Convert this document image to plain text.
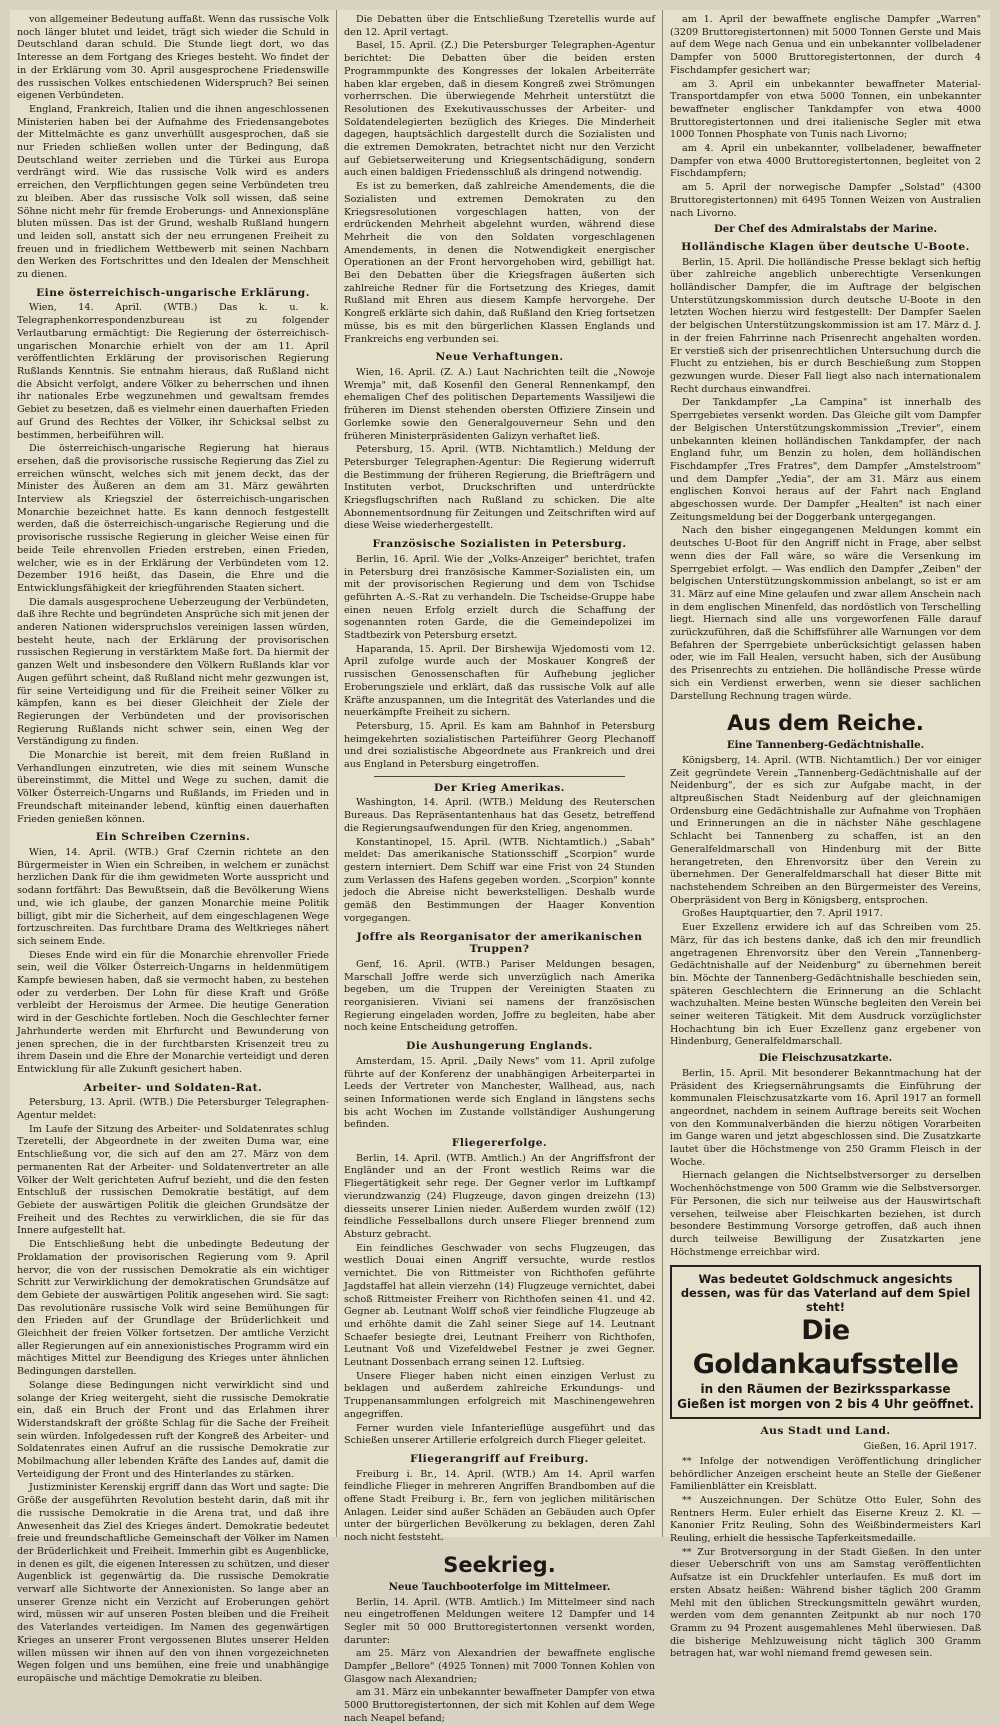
von allgemeiner Bedeutung auffaßt. Wenn das russische Volk noch länger blutet und leidet, trägt sich wieder die Schuld in Deutschland daran schuld. Die Stunde liegt dort, wo das Interesse an dem Fortgang des Krieges besteht. Wo findet der in der Erklärung vom 30. April ausgesprochene Friedenswille des russischen Volkes entschiedenen Widerspruch? Bei seinen eigenen Verbündeten.

England, Frankreich, Italien und die ihnen angeschlossenen Ministerien haben bei der Aufnahme des Friedensangebotes der Mittelmächte es ganz unverhüllt ausgesprochen, daß sie nur Frieden schließen wollen unter der Bedingung, daß Deutschland weiter zerrieben und die Türkei aus Europa verdrängt wird. Wie das russische Volk wird es anders erreichen, den Verpflichtungen gegen seine Verbündeten treu zu bleiben. Aber das russische Volk soll wissen, daß seine Söhne nicht mehr für fremde Eroberungs- und Annexionspläne bluten müssen. Das ist der Grund, weshalb Rußland hungern und leiden soll, anstatt sich der neu errungenen Freiheit zu freuen und in friedlichem Wettbewerb mit seinen Nachbarn den Werken des Fortschrittes und den Idealen der Menschheit zu dienen.

Eine österreichisch-ungarische Erklärung.

Wien, 14. April. (WTB.) Das k. u. k. Telegraphenkorrespondenzbureau ist zu folgender Verlautbarung ermächtigt: Die Regierung der österreichisch-ungarischen Monarchie erhielt von der am 11. April veröffentlichten Erklärung der provisorischen Regierung Rußlands Kenntnis. Sie entnahm hieraus, daß Rußland nicht die Absicht verfolgt, andere Völker zu beherrschen und ihnen ihr nationales Erbe wegzunehmen und gewaltsam fremdes Gebiet zu besetzen, daß es vielmehr einen dauerhaften Frieden auf Grund des Rechtes der Völker, ihr Schicksal selbst zu bestimmen, herbeiführen will.

Die österreichisch-ungarische Regierung hat hieraus ersehen, daß die provisorische russische Regierung das Ziel zu erreichen wünscht, welches sich mit jenem deckt, das der Minister des Äußeren an dem am 31. März gewährten Interview als Kriegsziel der österreichisch-ungarischen Monarchie bezeichnet hatte. Es kann dennoch festgestellt werden, daß die österreichisch-ungarische Regierung und die provisorische russische Regierung in gleicher Weise einen für beide Teile ehrenvollen Frieden erstreben, einen Frieden, welcher, wie es in der Erklärung der Verbündeten vom 12. Dezember 1916 heißt, das Dasein, die Ehre und die Entwicklungsfähigkeit der kriegführenden Staaten sichert.

Die damals ausgesprochene Ueberzeugung der Verbündeten, daß ihre Rechte und begründeten Ansprüche sich mit jenen der anderen Nationen widerspruchslos vereinigen lassen würden, besteht heute, nach der Erklärung der provisorischen russischen Regierung in verstärktem Maße fort. Da hiermit der ganzen Welt und insbesondere den Völkern Rußlands klar vor Augen geführt scheint, daß Rußland nicht mehr gezwungen ist, für seine Verteidigung und für die Freiheit seiner Völker zu kämpfen, kann es bei dieser Gleichheit der Ziele der Regierungen der Verbündeten und der provisorischen Regierung Rußlands nicht schwer sein, einen Weg der Verständigung zu finden.

Die Monarchie ist bereit, mit dem freien Rußland in Verhandlungen einzutreten, wie dies mit seinem Wunsche übereinstimmt, die Mittel und Wege zu suchen, damit die Völker Österreich-Ungarns und Rußlands, im Frieden und in Freundschaft miteinander lebend, künftig einen dauerhaften Frieden genießen können.

Ein Schreiben Czernins.

Wien, 14. April. (WTB.) Graf Czernin richtete an den Bürgermeister in Wien ein Schreiben, in welchem er zunächst herzlichen Dank für die ihm gewidmeten Worte ausspricht und sodann fortfährt: Das Bewußtsein, daß die Bevölkerung Wiens und, wie ich glaube, der ganzen Monarchie meine Politik billigt, gibt mir die Sicherheit, auf dem eingeschlagenen Wege fortzuschreiten. Das furchtbare Drama des Weltkrieges nähert sich seinem Ende.

Dieses Ende wird ein für die Monarchie ehrenvoller Friede sein, weil die Völker Österreich-Ungarns in heldenmütigem Kampfe bewiesen haben, daß sie vermocht haben, zu bestehen oder zu verderben. Der Lohn für diese Kraft und Größe verbleibt der Heroismus der Armee. Die heutige Generation wird in der Geschichte fortleben. Noch die Geschlechter ferner Jahrhunderte werden mit Ehrfurcht und Bewunderung von jenen sprechen, die in der furchtbarsten Krisenzeit treu zu ihrem Dasein und die Ehre der Monarchie verteidigt und deren Entwicklung für alle Zukunft gesichert haben.

Arbeiter- und Soldaten-Rat.

Petersburg, 13. April. (WTB.) Die Petersburger Telegraphen-Agentur meldet:

Im Laufe der Sitzung des Arbeiter- und Soldatenrates schlug Tzeretelli, der Abgeordnete in der zweiten Duma war, eine Entschließung vor, die sich auf den am 27. März von dem permanenten Rat der Arbeiter- und Soldatenvertreter an alle Völker der Welt gerichteten Aufruf bezieht, und die den festen Entschluß der russischen Demokratie bestätigt, auf dem Gebiete der auswärtigen Politik die gleichen Grundsätze der Freiheit und des Rechtes zu verwirklichen, die sie für das Innere aufgestellt hat.

Die Entschließung hebt die unbedingte Bedeutung der Proklamation der provisorischen Regierung vom 9. April hervor, die von der russischen Demokratie als ein wichtiger Schritt zur Verwirklichung der demokratischen Grundsätze auf dem Gebiete der auswärtigen Politik angesehen wird. Sie sagt: Das revolutionäre russische Volk wird seine Bemühungen für den Frieden auf der Grundlage der Brüderlichkeit und Gleichheit der freien Völker fortsetzen. Der amtliche Verzicht aller Regierungen auf ein annexionistisches Programm wird ein mächtiges Mittel zur Beendigung des Krieges unter ähnlichen Bedingungen darstellen.

Solange diese Bedingungen nicht verwirklicht sind und solange der Krieg weitergeht, sieht die russische Demokratie ein, daß ein Bruch der Front und das Erlahmen ihrer Widerstandskraft der größte Schlag für die Sache der Freiheit sein würden. Infolgedessen ruft der Kongreß des Arbeiter- und Soldatenrates einen Aufruf an die russische Demokratie zur Mobilmachung aller lebenden Kräfte des Landes auf, damit die Verteidigung der Front und des Hinterlandes zu stärken.

Justizminister Kerenskij ergriff dann das Wort und sagte: Die Größe der ausgeführten Revolution besteht darin, daß mit ihr die russische Demokratie in die Arena trat, und daß ihre Anwesenheit das Ziel des Krieges ändert. Demokratie bedeutet freie und freundschaftliche Gemeinschaft der Völker im Namen der Brüderlichkeit und Freiheit. Immerhin gibt es Augenblicke, in denen es gilt, die eigenen Interessen zu schützen, und dieser Augenblick ist gegenwärtig da. Die russische Demokratie verwarf alle Sichtworte der Annexionisten. So lange aber an unserer Grenze nicht ein Verzicht auf Eroberungen gehört wird, müssen wir auf unseren Posten bleiben und die Freiheit des Vaterlandes verteidigen. Im Namen des gegenwärtigen Krieges an unserer Front vergossenen Blutes unserer Helden willen müssen wir ihnen auf den von ihnen vorgezeichneten Wegen folgen und uns bemühen, eine freie und unabhängige europäische und mächtige Demokratie zu bleiben.

Die Debatten über die Entschließung Tzeretellis wurde auf den 12. April vertagt.

Basel, 15. April. (Z.) Die Petersburger Telegraphen-Agentur berichtet: Die Debatten über die beiden ersten Programmpunkte des Kongresses der lokalen Arbeiterräte haben klar ergeben, daß in diesem Kongreß zwei Strömungen vorherrschen. Die überwiegende Mehrheit unterstützt die Resolutionen des Exekutivausschusses der Arbeiter- und Soldatendelegierten bezüglich des Krieges. Die Minderheit dagegen, hauptsächlich dargestellt durch die Sozialisten und die extremen Demokraten, betrachtet nicht nur den Verzicht auf Gebietserweiterung und Kriegsentschädigung, sondern auch einen baldigen Friedensschluß als dringend notwendig.

Es ist zu bemerken, daß zahlreiche Amendements, die die Sozialisten und extremen Demokraten zu den Kriegsresolutionen vorgeschlagen hatten, von der erdrückenden Mehrheit abgelehnt wurden, während diese Mehrheit die von den Soldaten vorgeschlagenen Amendements, in denen die Notwendigkeit energischer Operationen an der Front hervorgehoben wird, gebilligt hat. Bei den Debatten über die Kriegsfragen äußerten sich zahlreiche Redner für die Fortsetzung des Krieges, damit Rußland mit Ehren aus diesem Kampfe hervorgehe. Der Kongreß erklärte sich dahin, daß Rußland den Krieg fortsetzen müsse, bis es mit den bürgerlichen Klassen Englands und Frankreichs eng verbunden sei.

Neue Verhaftungen.

Wien, 16. April. (Z. A.) Laut Nachrichten teilt die „Nowoje Wremja" mit, daß Kosenfil den General Rennenkampf, den ehemaligen Chef des politischen Departements Wassiljewi die früheren im Dienst stehenden obersten Offiziere Zinsein und Gorlemke sowie den Generalgouverneur Sehn und den früheren Ministerpräsidenten Galizyn verhaftet ließ.

Petersburg, 15. April. (WTB. Nichtamtlich.) Meldung der Petersburger Telegraphen-Agentur: Die Regierung widerruft die Bestimmung der früheren Regierung, die Briefträgern und Instituten verbot, Druckschriften und unterdrückte Kriegsflugschriften nach Rußland zu schicken. Die alte Abonnementsordnung für Zeitungen und Zeitschriften wird auf diese Weise wiederhergestellt.

Französische Sozialisten in Petersburg.

Berlin, 16. April. Wie der „Volks-Anzeiger" berichtet, trafen in Petersburg drei französische Kammer-Sozialisten ein, um mit der provisorischen Regierung und dem von Tschidse geführten A.-S.-Rat zu verhandeln. Die Tscheidse-Gruppe habe einen neuen Erfolg erzielt durch die Schaffung der sogenannten roten Garde, die die Gemeindepolizei im Stadtbezirk von Petersburg ersetzt.

Haparanda, 15. April. Der Birshewija Wjedomosti vom 12. April zufolge wurde auch der Moskauer Kongreß der russischen Genossenschaften für Aufhebung jeglicher Eroberungsziele und erklärt, daß das russische Volk auf alle Kräfte anzuspannen, um die Integrität des Vaterlandes und die neuerkämpfte Freiheit zu sichern.

Petersburg, 15. April. Es kam am Bahnhof in Petersburg heimgekehrten sozialistischen Parteiführer Georg Plechanoff und drei sozialistische Abgeordnete aus Frankreich und drei aus England in Petersburg eingetroffen.

Der Krieg Amerikas.

Washington, 14. April. (WTB.) Meldung des Reuterschen Bureaus. Das Repräsentantenhaus hat das Gesetz, betreffend die Regierungsaufwendungen für den Krieg, angenommen.

Konstantinopel, 15. April. (WTB. Nichtamtlich.) „Sabah" meldet: Das amerikanische Stationsschiff „Scorpion" wurde gestern interniert. Dem Schiff war eine Frist von 24 Stunden zum Verlassen des Hafens gegeben worden. „Scorpion" konnte jedoch die Abreise nicht bewerkstelligen. Deshalb wurde gemäß den Bestimmungen der Haager Konvention vorgegangen.

Joffre als Reorganisator der amerikanischen Truppen?

Genf, 16. April. (WTB.) Pariser Meldungen besagen, Marschall Joffre werde sich unverzüglich nach Amerika begeben, um die Truppen der Vereinigten Staaten zu reorganisieren. Viviani sei namens der französischen Regierung eingeladen worden, Joffre zu begleiten, habe aber noch keine Entscheidung getroffen.

Die Aushungerung Englands.

Amsterdam, 15. April. „Daily News" vom 11. April zufolge führte auf der Konferenz der unabhängigen Arbeiterpartei in Leeds der Vertreter von Manchester, Wallhead, aus, nach seinen Informationen werde sich England in längstens sechs bis acht Wochen im Zustande vollständiger Aushungerung befinden.

Fliegererfolge.

Berlin, 14. April. (WTB. Amtlich.) An der Angriffsfront der Engländer und an der Front westlich Reims war die Fliegertätigkeit sehr rege. Der Gegner verlor im Luftkampf vierundzwanzig (24) Flugzeuge, davon gingen dreizehn (13) diesseits unserer Linien nieder. Außerdem wurden zwölf (12) feindliche Fesselballons durch unsere Flieger brennend zum Absturz gebracht.

Ein feindliches Geschwader von sechs Flugzeugen, das westlich Douai einen Angriff versuchte, wurde restlos vernichtet. Die von Rittmeister von Richthofen geführte Jagdstaffel hat allein vierzehn (14) Flugzeuge vernichtet, dabei schoß Rittmeister Freiherr von Richthofen seinen 41. und 42. Gegner ab. Leutnant Wolff schoß vier feindliche Flugzeuge ab und erhöhte damit die Zahl seiner Siege auf 14. Leutnant Schaefer besiegte drei, Leutnant Freiherr von Richthofen, Leutnant Voß und Vizefeldwebel Festner je zwei Gegner. Leutnant Dossenbach errang seinen 12. Luftsieg.

Unsere Flieger haben nicht einen einzigen Verlust zu beklagen und außerdem zahlreiche Erkundungs- und Truppenansammlungen erfolgreich mit Maschinengewehren angegriffen.

Ferner wurden viele Infanterieflüge ausgeführt und das Schießen unserer Artillerie erfolgreich durch Flieger geleitet.

Fliegerangriff auf Freiburg.

Freiburg i. Br., 14. April. (WTB.) Am 14. April warfen feindliche Flieger in mehreren Angriffen Brandbomben auf die offene Stadt Freiburg i. Br., fern von jeglichen militärischen Anlagen. Leider sind außer Schäden an Gebäuden auch Opfer unter der bürgerlichen Bevölkerung zu beklagen, deren Zahl noch nicht feststeht.

Seekrieg.
Neue Tauchbooterfolge im Mittelmeer.

Berlin, 14. April. (WTB. Amtlich.) Im Mittelmeer sind nach neu eingetroffenen Meldungen weitere 12 Dampfer und 14 Segler mit 50 000 Bruttoregistertonnen versenkt worden, darunter:

am 25. März von Alexandrien der bewaffnete englische Dampfer „Bellore" (4925 Tonnen) mit 7000 Tonnen Kohlen von Glasgow nach Alexandrien;

am 31. März ein unbekannter bewaffneter Dampfer von etwa 5000 Bruttoregistertonnen, der sich mit Kohlen auf dem Wege nach Neapel befand;

am 1. April der bewaffnete englische Dampfer „Warren" (3209 Bruttoregistertonnen) mit 5000 Tonnen Gerste und Mais auf dem Wege nach Genua und ein unbekannter vollbeladener Dampfer von 5000 Bruttoregistertonnen, der durch 4 Fischdampfer gesichert war;

am 3. April ein unbekannter bewaffneter Material-Transportdampfer von etwa 5000 Tonnen, ein unbekannter bewaffneter englischer Tankdampfer von etwa 4000 Bruttoregistertonnen und drei italienische Segler mit etwa 1000 Tonnen Phosphate von Tunis nach Livorno;

am 4. April ein unbekannter, vollbeladener, bewaffneter Dampfer von etwa 4000 Bruttoregistertonnen, begleitet von 2 Fischdampfern;

am 5. April der norwegische Dampfer „Solstad" (4300 Bruttoregistertonnen) mit 6495 Tonnen Weizen von Australien nach Livorno.

Der Chef des Admiralstabs der Marine.
Holländische Klagen über deutsche U-Boote.

Berlin, 15. April. Die holländische Presse beklagt sich heftig über zahlreiche angeblich unberechtigte Versenkungen holländischer Dampfer, die im Auftrage der belgischen Unterstützungskommission durch deutsche U-Boote in den letzten Wochen hierzu wird festgestellt: Der Dampfer Saelen der belgischen Unterstützungskommission ist am 17. März d. J. in der freien Fahrrinne nach Prisenrecht angehalten worden. Er verstieß sich der prisenrechtlichen Untersuchung durch die Flucht zu entziehen, bis er durch Beschießung zum Stoppen gezwungen wurde. Dieser Fall liegt also nach internationalem Recht durchaus einwandfrei.

Der Tankdampfer „La Campina" ist innerhalb des Sperrgebietes versenkt worden. Das Gleiche gilt vom Dampfer der Belgischen Unterstützungskommission „Trevier", einem unbekannten kleinen holländischen Tankdampfer, der nach England fuhr, um Benzin zu holen, dem holländischen Fischdampfer „Tres Fratres", dem Dampfer „Amstelstroom" und dem Dampfer „Yedia", der am 31. März aus einem englischen Konvoi heraus auf der Fahrt nach England abgeschossen wurde. Der Dampfer „Healten" ist nach einer Zeitungsmeldung bei der Doggerbank untergegangen.

Nach den bisher eingegangenen Meldungen kommt ein deutsches U-Boot für den Angriff nicht in Frage, aber selbst wenn dies der Fall wäre, so wäre die Versenkung im Sperrgebiet erfolgt. — Was endlich den Dampfer „Zeiben" der belgischen Unterstützungskommission anbelangt, so ist er am 31. März auf eine Mine gelaufen und zwar allem Anschein nach in dem englischen Minenfeld, das nordöstlich von Terschelling liegt. Hiernach sind alle uns vorgeworfenen Fälle darauf zurückzuführen, daß die Schiffsführer alle Warnungen vor dem Befahren der Sperrgebiete unberücksichtigt gelassen haben oder, wie im Fall Healen, versucht haben, sich der Ausübung des Prisenrechts zu entziehen. Die holländische Presse würde sich ein Verdienst erwerben, wenn sie dieser sachlichen Darstellung Rechnung tragen würde.

Aus dem Reiche.
Eine Tannenberg-Gedächtnishalle.

Königsberg, 14. April. (WTB. Nichtamtlich.) Der vor einiger Zeit gegründete Verein „Tannenberg-Gedächtnishalle auf der Neidenburg", der es sich zur Aufgabe macht, in der altpreußischen Stadt Neidenburg auf der gleichnamigen Ordensburg eine Gedächtnishalle zur Aufnahme von Trophäen und Erinnerungen an die in nächster Nähe geschlagene Schlacht bei Tannenberg zu schaffen, ist an den Generalfeldmarschall von Hindenburg mit der Bitte herangetreten, den Ehrenvorsitz über den Verein zu übernehmen. Der Generalfeldmarschall hat dieser Bitte mit nachstehendem Schreiben an den Bürgermeister des Vereins, Oberpräsident von Berg in Königsberg, entsprochen.

Großes Hauptquartier, den 7. April 1917.

Euer Exzellenz erwidere ich auf das Schreiben vom 25. März, für das ich bestens danke, daß ich den mir freundlich angetragenen Ehrenvorsitz über den Verein „Tannenberg-Gedächtnishalle auf der Neidenburg" zu übernehmen bereit bin. Möchte der Tannenberg-Gedächtnishalle beschieden sein, späteren Geschlechtern die Erinnerung an die Schlacht wachzuhalten. Meine besten Wünsche begleiten den Verein bei seiner weiteren Tätigkeit. Mit dem Ausdruck vorzüglichster Hochachtung bin ich Euer Exzellenz ganz ergebener von Hindenburg, Generalfeldmarschall.

Die Fleischzusatzkarte.

Berlin, 15. April. Mit besonderer Bekanntmachung hat der Präsident des Kriegsernährungsamts die Einführung der kommunalen Fleischzusatzkarte vom 16. April 1917 an formell angeordnet, nachdem in seinem Auftrage bereits seit Wochen von den Kommunalverbänden die hierzu nötigen Vorarbeiten im Gange waren und jetzt abgeschlossen sind. Die Zusatzkarte lautet über die Höchstmenge von 250 Gramm Fleisch in der Woche.

Hiernach gelangen die Nichtselbstversorger zu derselben Wochenhöchstmenge von 500 Gramm wie die Selbstversorger. Für Personen, die sich nur teilweise aus der Hauswirtschaft versehen, teilweise aber Fleischkarten beziehen, ist durch besondere Bestimmung Vorsorge getroffen, daß auch ihnen durch teilweise Bewilligung der Zusatzkarten jene Höchstmenge erreichbar wird.

Was bedeutet Goldschmuck angesichts dessen, was für das Vaterland auf dem Spiel steht!
Die Goldankaufsstelle
in den Räumen der Bezirkssparkasse Gießen ist morgen von 2 bis 4 Uhr geöffnet.
Aus Stadt und Land.
Gießen, 16. April 1917.

** Infolge der notwendigen Veröffentlichung dringlicher behördlicher Anzeigen erscheint heute an Stelle der Gießener Familienblätter ein Kreisblatt.

** Auszeichnungen. Der Schütze Otto Euler, Sohn des Rentners Herm. Euler erhielt das Eiserne Kreuz 2. Kl. — Kanonier Fritz Reuling, Sohn des Weißbindermeisters Karl Reuling, erhielt die hessische Tapferkeitsmedaille.

** Zur Brotversorgung in der Stadt Gießen. In den unter dieser Ueberschrift von uns am Samstag veröffentlichten Aufsatze ist ein Druckfehler unterlaufen. Es muß dort im ersten Absatz heißen: Während bisher täglich 200 Gramm Mehl mit den üblichen Streckungsmitteln gewährt wurden, werden vom dem genannten Zeitpunkt ab nur noch 170 Gramm zu 94 Prozent ausgemahlenes Mehl überwiesen. Daß die bisherige Mehlzuweisung nicht täglich 300 Gramm betragen hat, war wohl niemand fremd gewesen sein.
